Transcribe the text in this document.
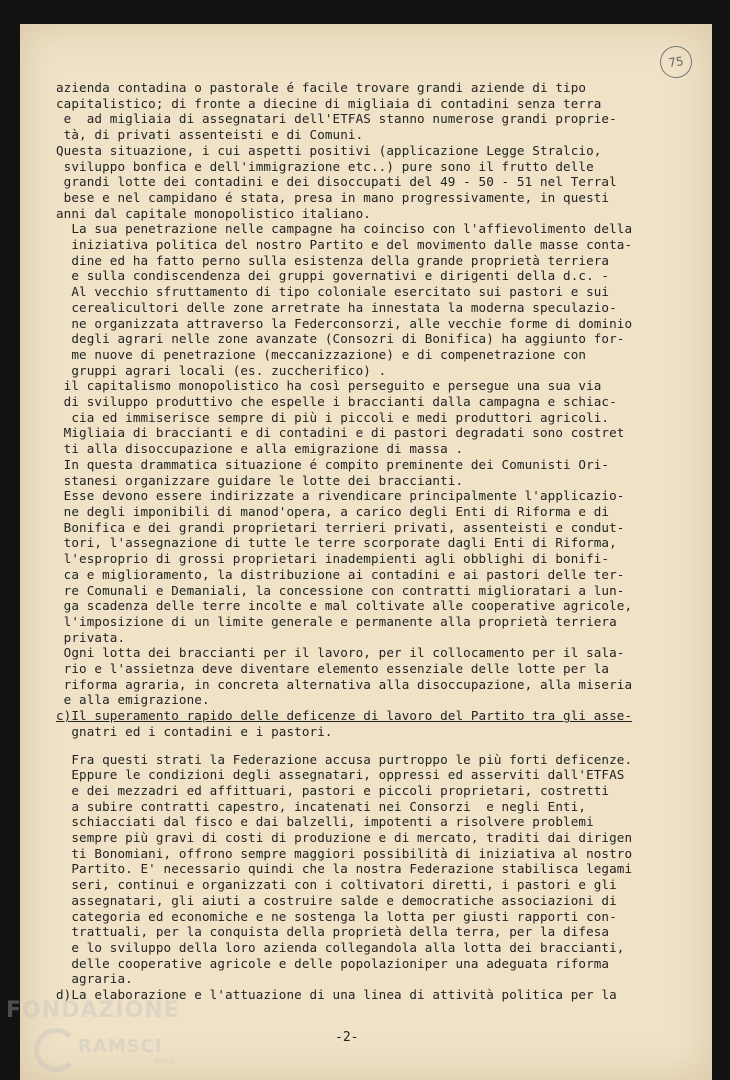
75
azienda contadina o pastorale é facile trovare grandi aziende di tipo
capitalistico; di fronte a diecine di migliaia di contadini senza terra
e  ad migliaia di assegnatari dell'ETFAS stanno numerose grandi proprie-
tà, di privati assenteisti e di Comuni.
Questa situazione, i cui aspetti positivi (applicazione Legge Stralcio,
sviluppo bonfica e dell'immigrazione etc..) pure sono il frutto delle
grandi lotte dei contadini e dei disoccupati del 49 - 50 - 51 nel Terral
bese e nel campidano é stata, presa in mano progressivamente, in questi
anni dal capitale monopolistico italiano.
La sua penetrazione nelle campagne ha coinciso con l'affievolimento della
iniziativa politica del nostro Partito e del movimento dalle masse conta-
dine ed ha fatto perno sulla esistenza della grande proprietà terriera
e sulla condiscendenza dei gruppi governativi e dirigenti della d.c. -
Al vecchio sfruttamento di tipo coloniale esercitato sui pastori e sui
cerealicultori delle zone arretrate ha innestata la moderna speculazio-
ne organizzata attraverso la Federconsorzi, alle vecchie forme di dominio
degli agrari nelle zone avanzate (Consozri di Bonifica) ha aggiunto for-
me nuove di penetrazione (meccanizzazione) e di compenetrazione con
gruppi agrari locali (es. zuccherifico) .
il capitalismo monopolistico ha così perseguito e persegue una sua via
di sviluppo produttivo che espelle i braccianti dalla campagna e schiac-
cia ed immiserisce sempre di più i piccoli e medi produttori agricoli.
Migliaia di braccianti e di contadini e di pastori degradati sono costret
ti alla disoccupazione e alla emigrazione di massa .
In questa drammatica situazione é compito preminente dei Comunisti Ori-
stanesi organizzare guidare le lotte dei braccianti.
Esse devono essere indirizzate a rivendicare principalmente l'applicazio-
ne degli imponibili di manod'opera, a carico degli Enti di Riforma e di
Bonifica e dei grandi proprietari terrieri privati, assenteisti e condut-
tori, l'assegnazione di tutte le terre scorporate dagli Enti di Riforma,
l'esproprio di grossi proprietari inadempienti agli obblighi di bonifi-
ca e miglioramento, la distribuzione ai contadini e ai pastori delle ter-
re Comunali e Demaniali, la concessione con contratti miglioratari a lun-
ga scadenza delle terre incolte e mal coltivate alle cooperative agricole,
l'imposizione di un limite generale e permanente alla proprietà terriera
privata.
Ogni lotta dei braccianti per il lavoro, per il collocamento per il sala-
rio e l'assietnza deve diventare elemento essenziale delle lotte per la
riforma agraria, in concreta alternativa alla disoccupazione, alla miseria
e alla emigrazione.
c)Il superamento rapido delle deficenze di lavoro del Partito tra gli asse-
gnatri ed i contadini e i pastori.
Fra questi strati la Federazione accusa purtroppo le più forti deficenze.
Eppure le condizioni degli assegnatari, oppressi ed asserviti dall'ETFAS
e dei mezzadri ed affittuari, pastori e piccoli proprietari, costretti
a subire contratti capestro, incatenati nei Consorzi  e negli Enti,
schiacciati dal fisco e dai balzelli, impotenti a risolvere problemi
sempre più gravi di costi di produzione e di mercato, traditi dai dirigen
ti Bonomiani, offrono sempre maggiori possibilità di iniziativa al nostro
Partito. E' necessario quindi che la nostra Federazione stabilisca legami
seri, continui e organizzati con i coltivatori diretti, i pastori e gli
assegnatari, gli aiuti a costruire salde e democratiche associazioni di
categoria ed economiche e ne sostenga la lotta per giusti rapporti con-
trattuali, per la conquista della proprietà della terra, per la difesa
e lo sviluppo della loro azienda collegandola alla lotta dei braccianti,
delle cooperative agricole e delle popolazioniper una adeguata riforma
agraria.
d)La elaborazione e l'attuazione di una linea di attività politica per la
-2-
FONDAZIONE
RAMSCI
onlus
